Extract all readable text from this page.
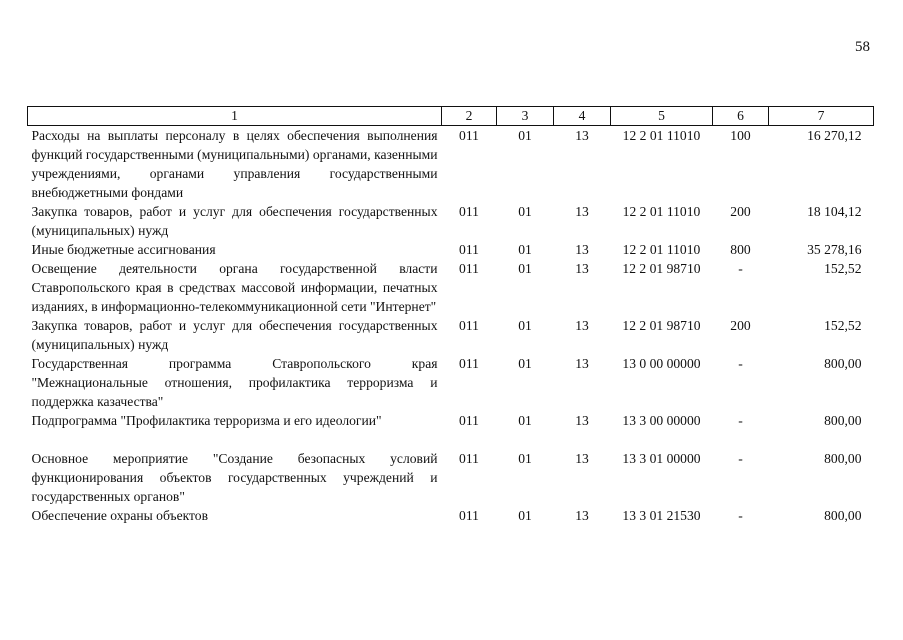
58
1	2	3	4	5	6	7
Расходы на выплаты персоналу в целях обеспечения выполнения функций государственными (муниципальными) органами, казенными учреждениями, органами управления государственными внебюджетными фондами	011	01	13	12 2 01 11010	100	16 270,12
Закупка товаров, работ и услуг для обеспечения государственных (муниципальных) нужд	011	01	13	12 2 01 11010	200	18 104,12
Иные бюджетные ассигнования	011	01	13	12 2 01 11010	800	35 278,16
Освещение деятельности органа государственной власти Ставропольского края в средствах массовой информации, печатных изданиях, в информационно-телекоммуникационной сети "Интернет"	011	01	13	12 2 01 98710	-	152,52
Закупка товаров, работ и услуг для обеспечения государственных (муниципальных) нужд	011	01	13	12 2 01 98710	200	152,52
Государственная программа Ставропольского края "Межнациональные отношения, профилактика терроризма и поддержка казачества"	011	01	13	13 0 00 00000	-	800,00
Подпрограмма "Профилактика терроризма и его идеологии"	011	01	13	13 3 00 00000	-	800,00
Основное мероприятие "Создание безопасных условий функционирования объектов государственных учреждений и государственных органов"	011	01	13	13 3 01 00000	-	800,00
Обеспечение охраны объектов	011	01	13	13 3 01 21530	-	800,00
